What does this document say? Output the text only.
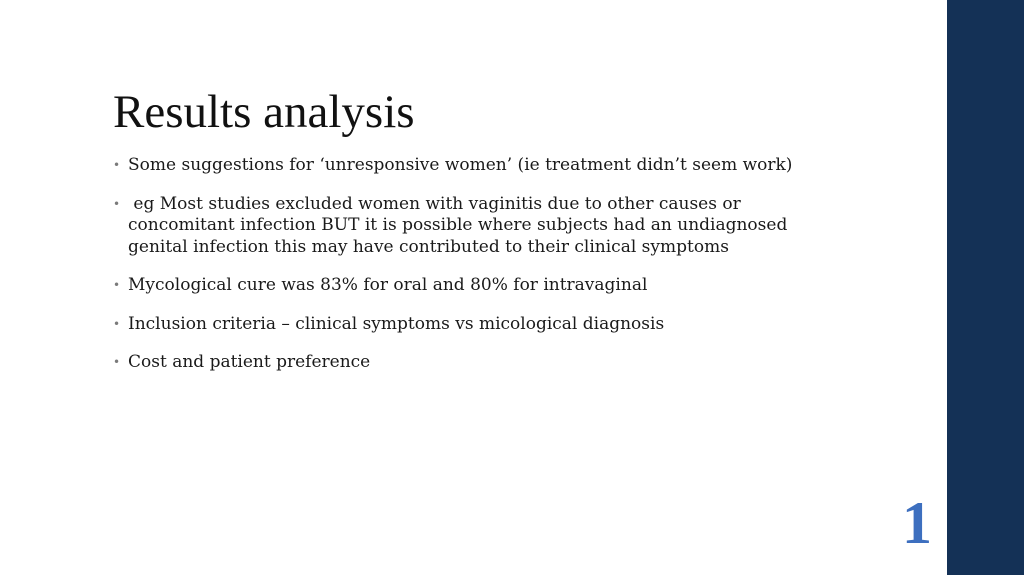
Results analysis
• Some suggestions for ‘unresponsive women’ (ie treatment didn’t seem work)
• eg Most studies excluded women with vaginitis due to other causes or concomitant infection BUT it is possible where subjects had an undiagnosed genital infection this may have contributed to their clinical symptoms
• Mycological cure was 83% for oral and 80% for intravaginal
• Inclusion criteria – clinical symptoms vs micological diagnosis
• Cost and patient preference
1
